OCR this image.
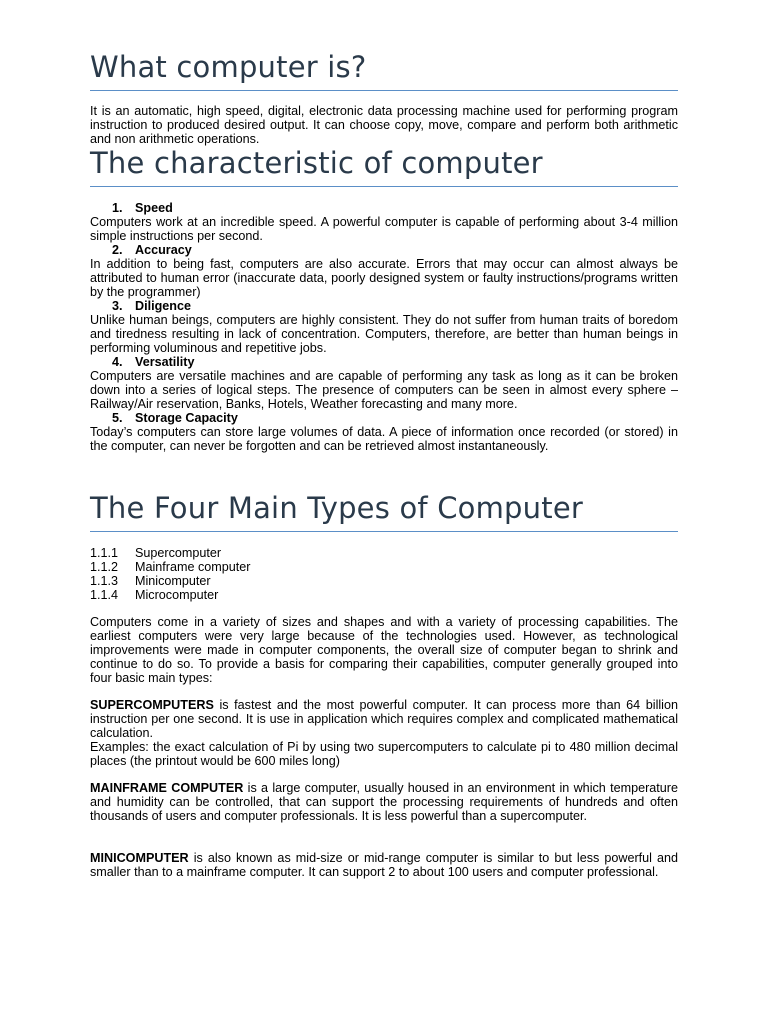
What computer is?

It is an automatic, high speed, digital, electronic data processing machine used for performing program instruction to produced desired output. It can choose copy, move, compare and perform both arithmetic and non arithmetic operations.

The characteristic of computer
1. Speed

Computers work at an incredible speed. A powerful computer is capable of performing about 3-4 million simple instructions per second.

2. Accuracy

In addition to being fast, computers are also accurate. Errors that may occur can almost always be attributed to human error (inaccurate data, poorly designed system or faulty instructions/programs written by the programmer)

3. Diligence

Unlike human beings, computers are highly consistent. They do not suffer from human traits of boredom and tiredness resulting in lack of concentration. Computers, therefore, are better than human beings in performing voluminous and repetitive jobs.

4. Versatility

Computers are versatile machines and are capable of performing any task as long as it can be broken down into a series of logical steps. The presence of computers can be seen in almost every sphere – Railway/Air reservation, Banks, Hotels, Weather forecasting and many more.

5. Storage Capacity

Today’s computers can store large volumes of data. A piece of information once recorded (or stored) in the computer, can never be forgotten and can be retrieved almost instantaneously.

The Four Main Types of Computer
1.1.1 Supercomputer
1.1.2 Mainframe computer
1.1.3 Minicomputer
1.1.4 Microcomputer

Computers come in a variety of sizes and shapes and with a variety of processing capabilities. The earliest computers were very large because of the technologies used. However, as technological improvements were made in computer components, the overall size of computer began to shrink and continue to do so. To provide a basis for comparing their capabilities, computer generally grouped into four basic main types:

SUPERCOMPUTERS is fastest and the most powerful computer. It can process more than 64 billion instruction per one second. It is use in application which requires complex and complicated mathematical calculation.

Examples: the exact calculation of Pi by using two supercomputers to calculate pi to 480 million decimal places (the printout would be 600 miles long)

MAINFRAME COMPUTER is a large computer, usually housed in an environment in which temperature and humidity can be controlled, that can support the processing requirements of hundreds and often thousands of users and computer professionals. It is less powerful than a supercomputer.

MINICOMPUTER is also known as mid-size or mid-range computer is similar to but less powerful and smaller than to a mainframe computer. It can support 2 to about 100 users and computer professional.
